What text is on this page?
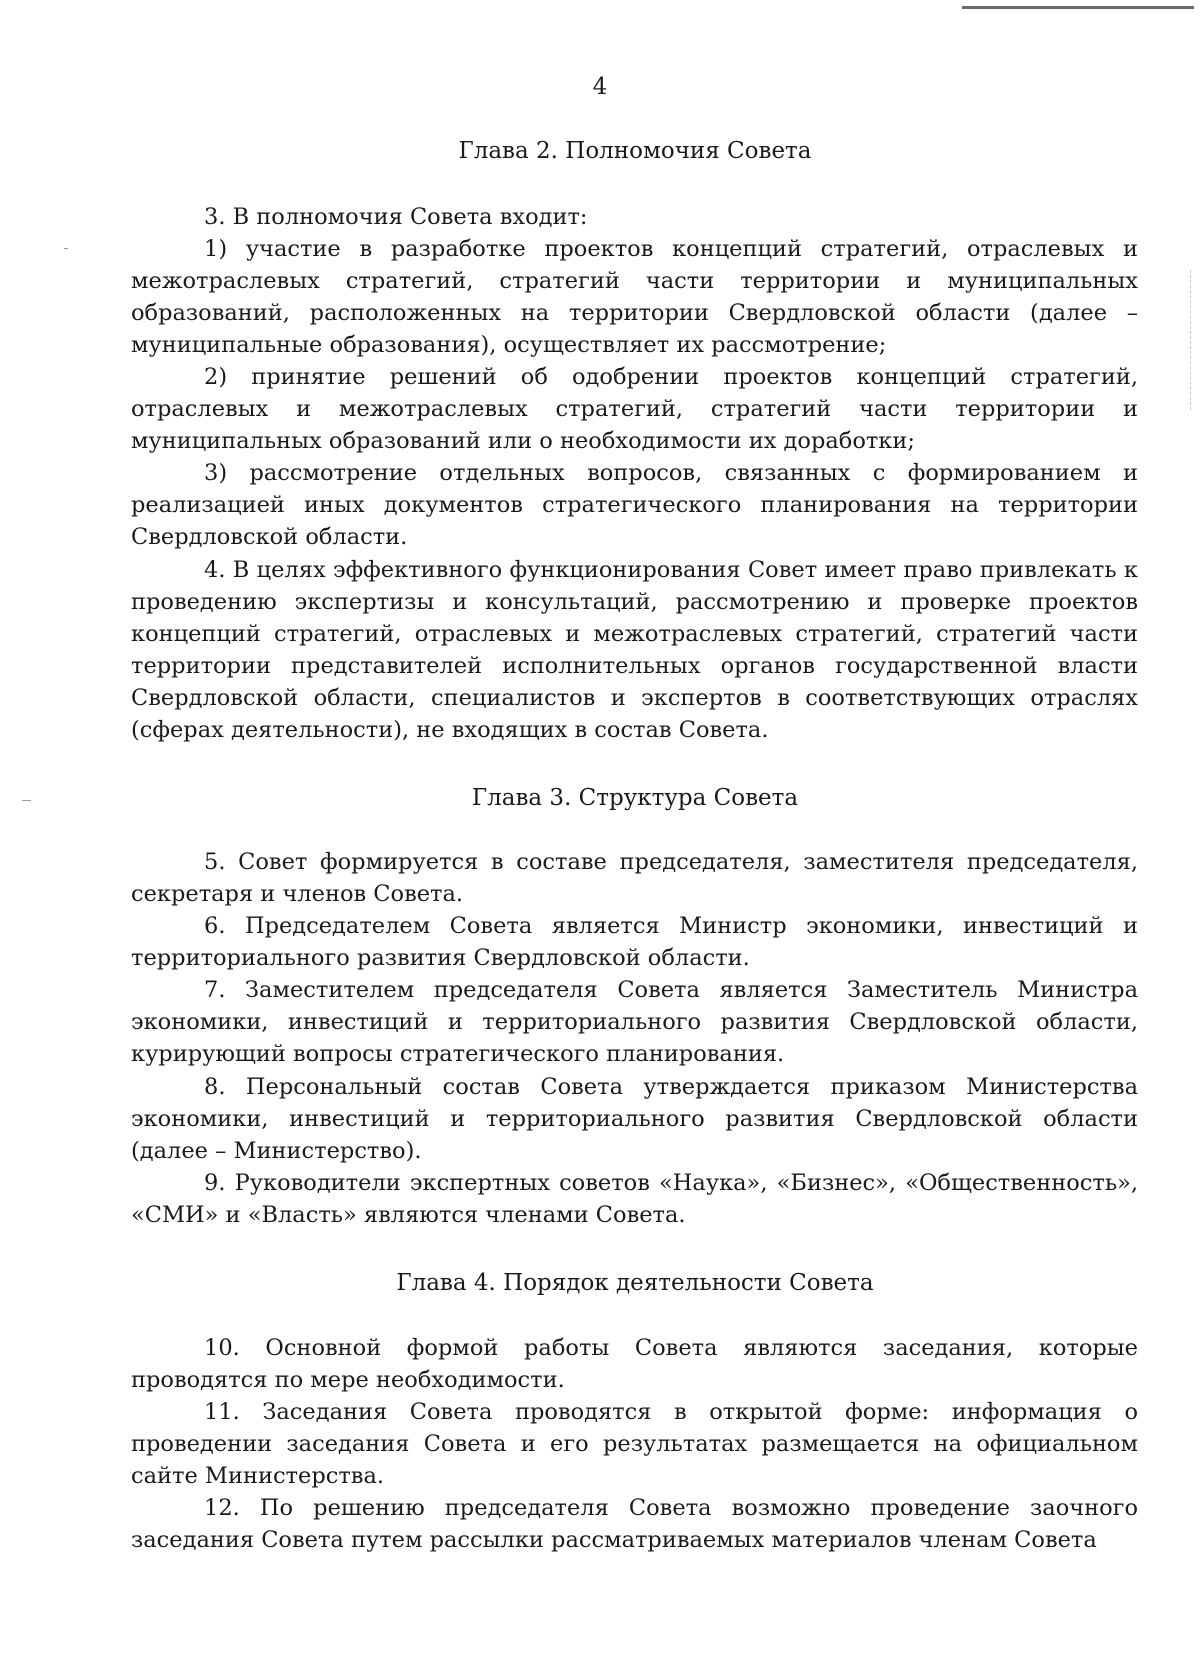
4
Глава 2. Полномочия Совета

3. В полномочия Совета входит:

1) участие в разработке проектов концепций стратегий, отраслевых и межотраслевых стратегий, стратегий части территории и муниципальных образований, расположенных на территории Свердловской области (далее – муниципальные образования), осуществляет их рассмотрение;

2) принятие решений об одобрении проектов концепций стратегий, отраслевых и межотраслевых стратегий, стратегий части территории и муниципальных образований или о необходимости их доработки;

3) рассмотрение отдельных вопросов, связанных с формированием и реализацией иных документов стратегического планирования на территории Свердловской области.

4. В целях эффективного функционирования Совет имеет право привлекать к проведению экспертизы и консультаций, рассмотрению и проверке проектов концепций стратегий, отраслевых и межотраслевых стратегий, стратегий части территории представителей исполнительных органов государственной власти Свердловской области, специалистов и экспертов в соответствующих отраслях (сферах деятельности), не входящих в состав Совета.

Глава 3. Структура Совета

5. Совет формируется в составе председателя, заместителя председателя, секретаря и членов Совета.

6. Председателем Совета является Министр экономики, инвестиций и территориального развития Свердловской области.

7. Заместителем председателя Совета является Заместитель Министра экономики, инвестиций и территориального развития Свердловской области, курирующий вопросы стратегического планирования.

8. Персональный состав Совета утверждается приказом Министерства экономики, инвестиций и территориального развития Свердловской области (далее – Министерство).

9. Руководители экспертных советов «Наука», «Бизнес», «Общественность», «СМИ» и «Власть» являются членами Совета.

Глава 4. Порядок деятельности Совета

10. Основной формой работы Совета являются заседания, которые проводятся по мере необходимости.

11. Заседания Совета проводятся в открытой форме: информация о проведении заседания Совета и его результатах размещается на официальном сайте Министерства.

12. По решению председателя Совета возможно проведение заочного заседания Совета путем рассылки рассматриваемых материалов членам Совета
